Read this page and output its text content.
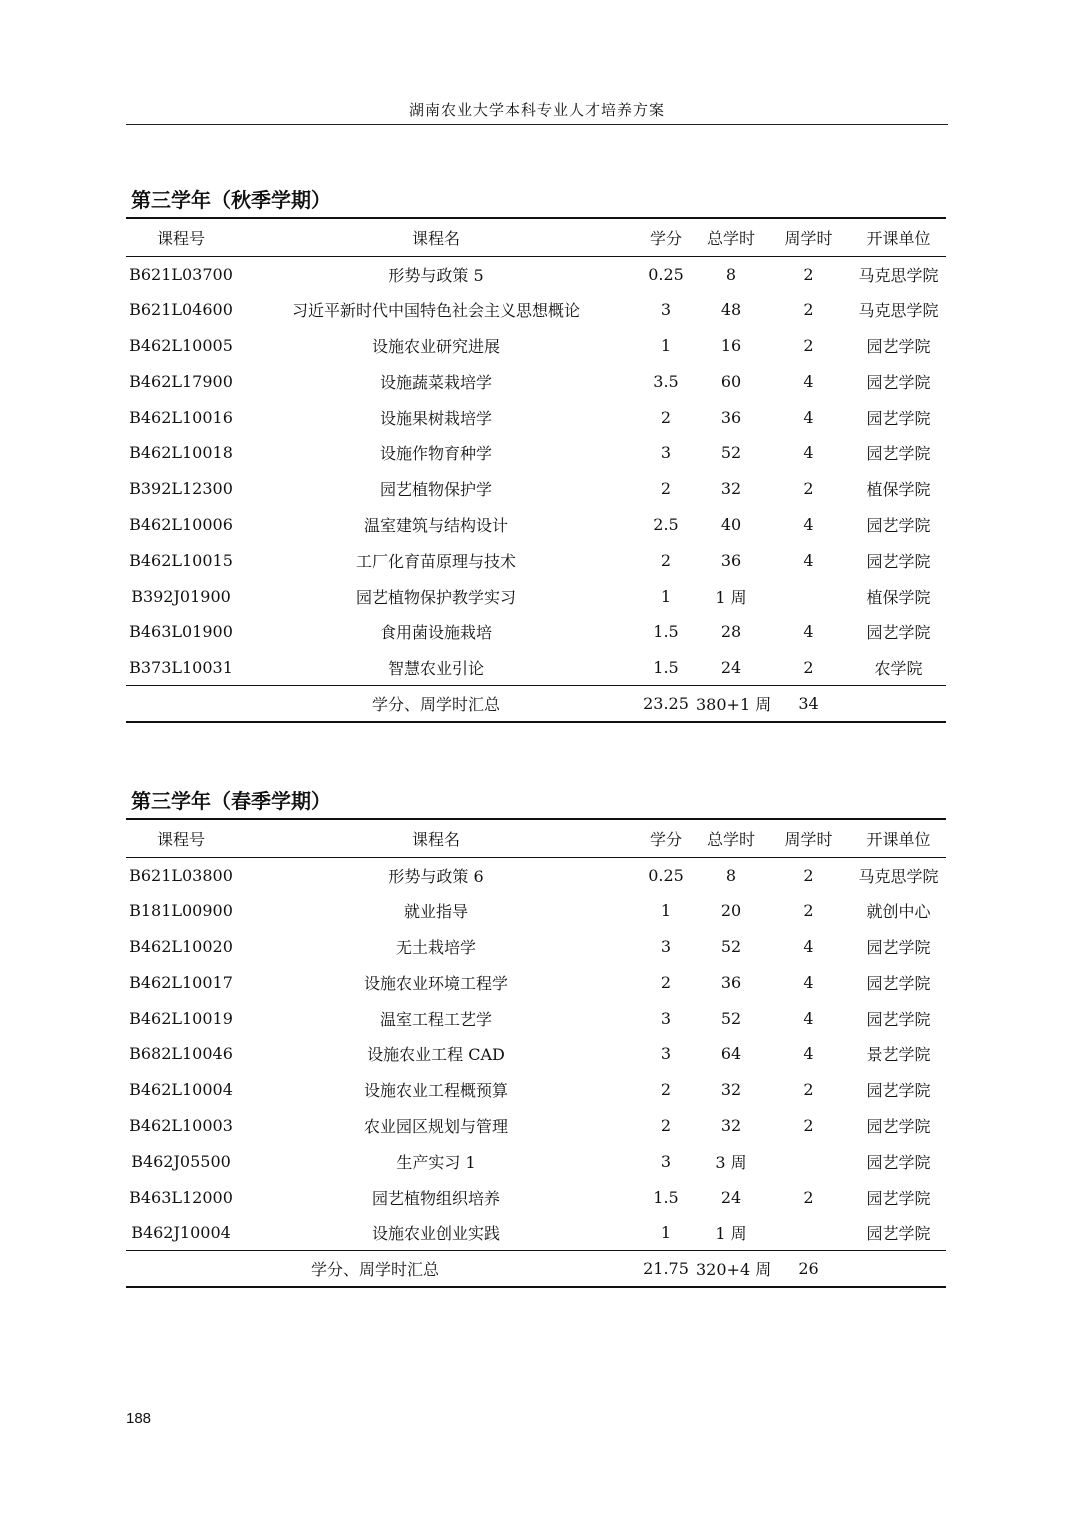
湖南农业大学本科专业人才培养方案
第三学年（秋季学期）
课程号	课程名	学分	总学时	周学时	开课单位
B621L03700	形势与政策 5	0.25	8	2	马克思学院
B621L04600	习近平新时代中国特色社会主义思想概论	3	48	2	马克思学院
B462L10005	设施农业研究进展	1	16	2	园艺学院
B462L17900	设施蔬菜栽培学	3.5	60	4	园艺学院
B462L10016	设施果树栽培学	2	36	4	园艺学院
B462L10018	设施作物育种学	3	52	4	园艺学院
B392L12300	园艺植物保护学	2	32	2	植保学院
B462L10006	温室建筑与结构设计	2.5	40	4	园艺学院
B462L10015	工厂化育苗原理与技术	2	36	4	园艺学院
B392J01900	园艺植物保护教学实习	1	1 周		植保学院
B463L01900	食用菌设施栽培	1.5	28	4	园艺学院
B373L10031	智慧农业引论	1.5	24	2	农学院
	学分、周学时汇总	23.25	380+1 周	34	
第三学年（春季学期）
课程号	课程名	学分	总学时	周学时	开课单位
B621L03800	形势与政策 6	0.25	8	2	马克思学院
B181L00900	就业指导	1	20	2	就创中心
B462L10020	无土栽培学	3	52	4	园艺学院
B462L10017	设施农业环境工程学	2	36	4	园艺学院
B462L10019	温室工程工艺学	3	52	4	园艺学院
B682L10046	设施农业工程 CAD	3	64	4	景艺学院
B462L10004	设施农业工程概预算	2	32	2	园艺学院
B462L10003	农业园区规划与管理	2	32	2	园艺学院
B462J05500	生产实习 1	3	3 周		园艺学院
B463L12000	园艺植物组织培养	1.5	24	2	园艺学院
B462J10004	设施农业创业实践	1	1 周		园艺学院
	学分、周学时汇总	21.75	320+4 周	26	
188
